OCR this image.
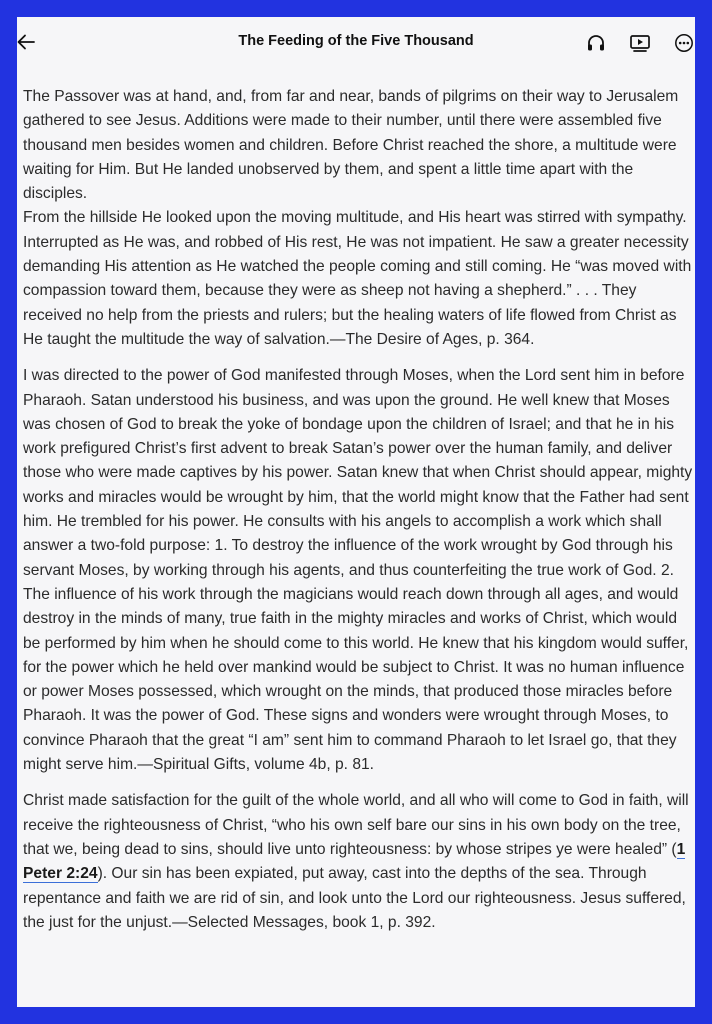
The Feeding of the Five Thousand

The Passover was at hand, and, from far and near, bands of pilgrims on their way to Jerusalem gathered to see Jesus. Additions were made to their number, until there were assembled five thousand men besides women and children. Before Christ reached the shore, a multitude were waiting for Him. But He landed unobserved by them, and spent a little time apart with the disciples.

From the hillside He looked upon the moving multitude, and His heart was stirred with sympathy. Interrupted as He was, and robbed of His rest, He was not impatient. He saw a greater necessity demanding His attention as He watched the people coming and still coming. He “was moved with compassion toward them, because they were as sheep not having a shepherd.” . . . They received no help from the priests and rulers; but the healing waters of life flowed from Christ as He taught the multitude the way of salvation.—The Desire of Ages, p. 364.

I was directed to the power of God manifested through Moses, when the Lord sent him in before Pharaoh. Satan understood his business, and was upon the ground. He well knew that Moses was chosen of God to break the yoke of bondage upon the children of Israel; and that he in his work prefigured Christ’s first advent to break Satan’s power over the human family, and deliver those who were made captives by his power. Satan knew that when Christ should appear, mighty works and miracles would be wrought by him, that the world might know that the Father had sent him. He trembled for his power. He consults with his angels to accomplish a work which shall answer a two-fold purpose: 1. To destroy the influence of the work wrought by God through his servant Moses, by working through his agents, and thus counterfeiting the true work of God. 2. The influence of his work through the magicians would reach down through all ages, and would destroy in the minds of many, true faith in the mighty miracles and works of Christ, which would be performed by him when he should come to this world. He knew that his kingdom would suffer, for the power which he held over mankind would be subject to Christ. It was no human influence or power Moses possessed, which wrought on the minds, that produced those miracles before Pharaoh. It was the power of God. These signs and wonders were wrought through Moses, to convince Pharaoh that the great “I am” sent him to command Pharaoh to let Israel go, that they might serve him.—Spiritual Gifts, volume 4b, p. 81.

Christ made satisfaction for the guilt of the whole world, and all who will come to God in faith, will receive the righteousness of Christ, “who his own self bare our sins in his own body on the tree, that we, being dead to sins, should live unto righteousness: by whose stripes ye were healed” (1 Peter 2:24). Our sin has been expiated, put away, cast into the depths of the sea. Through repentance and faith we are rid of sin, and look unto the Lord our righteousness. Jesus suffered, the just for the unjust.—Selected Messages, book 1, p. 392.
